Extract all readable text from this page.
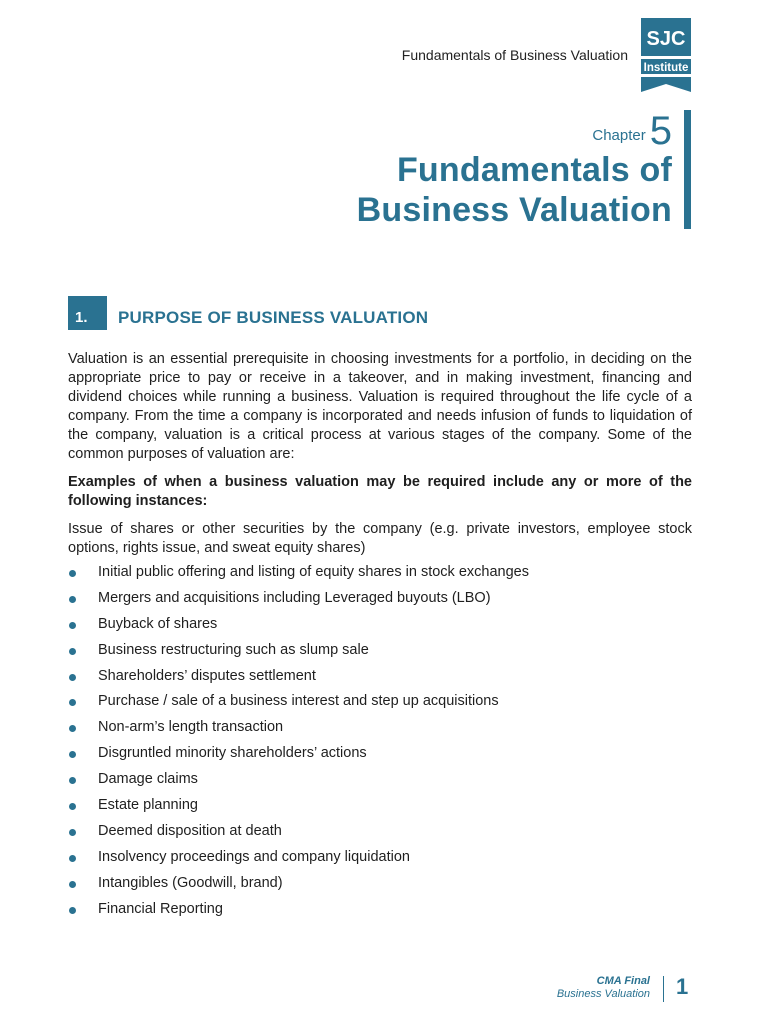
Fundamentals of Business Valuation
SJC
Institute
Chapter 5
Fundamentals of
Business Valuation
1.	PURPOSE OF BUSINESS VALUATION

Valuation is an essential prerequisite in choosing investments for a portfolio, in deciding on the appropriate price to pay or receive in a takeover, and in making investment, financing and dividend choices while running a business. Valuation is required throughout the life cycle of a company. From the time a company is incorporated and needs infusion of funds to liquidation of the company, valuation is a critical process at various stages of the company. Some of the common purposes of valuation are:

Examples of when a business valuation may be required include any or more of the following instances:

Issue of shares or other securities by the company (e.g. private investors, employee stock options, rights issue, and sweat equity shares)

Initial public offering and listing of equity shares in stock exchanges
Mergers and acquisitions including Leveraged buyouts (LBO)
Buyback of shares
Business restructuring such as slump sale
Shareholders’ disputes settlement
Purchase / sale of a business interest and step up acquisitions
Non-arm’s length transaction
Disgruntled minority shareholders’ actions
Damage claims
Estate planning
Deemed disposition at death
Insolvency proceedings and company liquidation
Intangibles (Goodwill, brand)
Financial Reporting
CMA Final
Business Valuation 1
